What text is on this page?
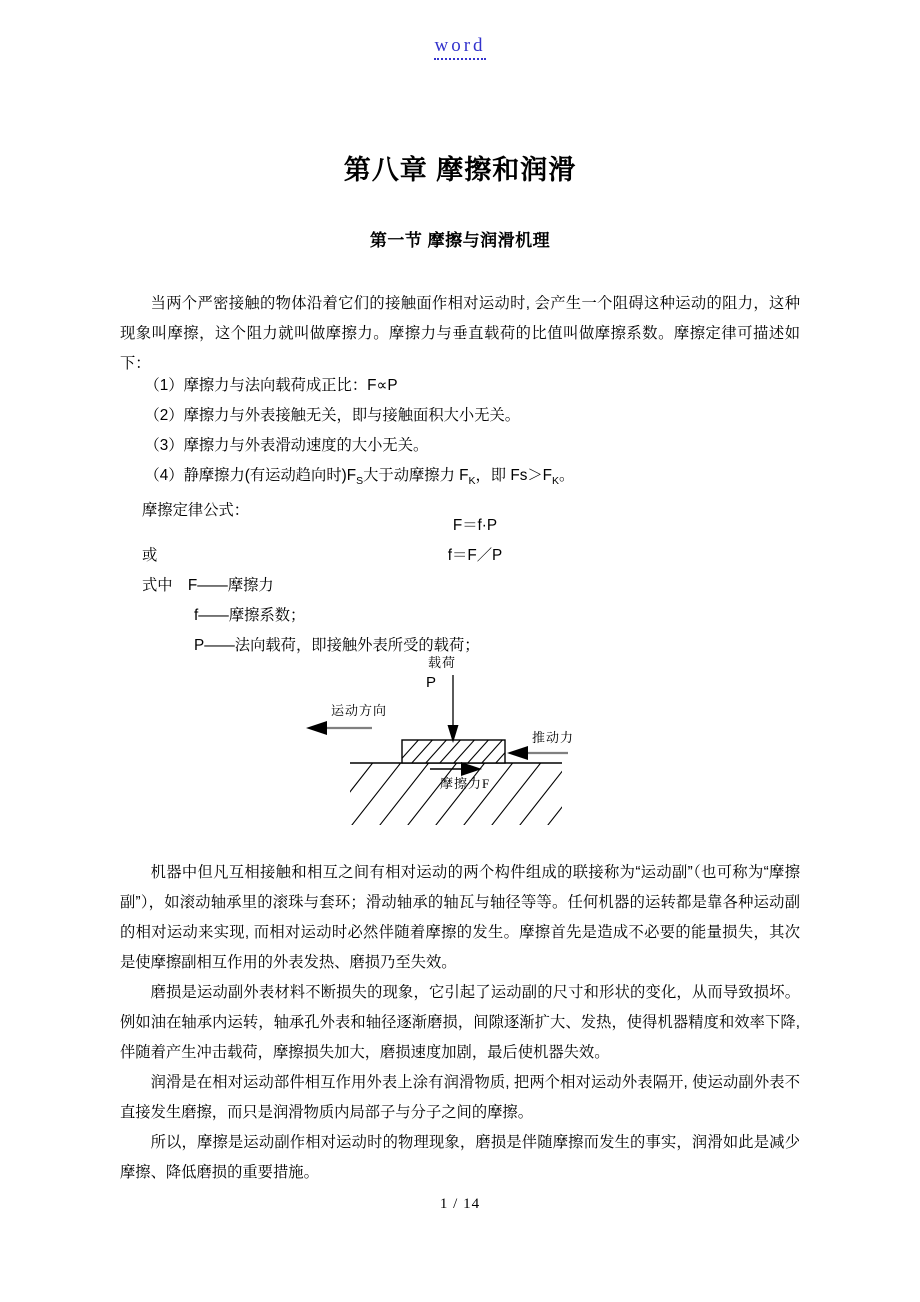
word
第八章 摩擦和润滑
第一节 摩擦与润滑机理
当两个严密接触的物体沿着它们的接触面作相对运动时, 会产生一个阻碍这种运动的阻力，这种现象叫摩擦，这个阻力就叫做摩擦力。摩擦力与垂直载荷的比值叫做摩擦系数。摩擦定律可描述如下：
（1）摩擦力与法向载荷成正比：F∝P
（2）摩擦力与外表接触无关，即与接触面积大小无关。
（3）摩擦力与外表滑动速度的大小无关。
（4）静摩擦力(有运动趋向时)$F_S$大于动摩擦力 $F_K$，即 $Fs>F_K$。
摩擦定律公式：
F＝f·P
或	f＝F／P
式中　F——摩擦力
f——摩擦系数；
P——法向载荷，即接触外表所受的载荷；
载荷
P
运动方向
推动力
摩擦力F
机器中但凡互相接触和相互之间有相对运动的两个构件组成的联接称为“运动副”（也可称为“摩擦副”），如滚动轴承里的滚珠与套环；滑动轴承的轴瓦与轴径等等。任何机器的运转都是靠各种运动副的相对运动来实现, 而相对运动时必然伴随着摩擦的发生。摩擦首先是造成不必要的能量损失，其次是使摩擦副相互作用的外表发热、磨损乃至失效。
磨损是运动副外表材料不断损失的现象，它引起了运动副的尺寸和形状的变化，从而导致损坏。例如油在轴承内运转，轴承孔外表和轴径逐渐磨损，间隙逐渐扩大、发热，使得机器精度和效率下降, 伴随着产生冲击载荷，摩擦损失加大，磨损速度加剧，最后使机器失效。
润滑是在相对运动部件相互作用外表上涂有润滑物质, 把两个相对运动外表隔开, 使运动副外表不直接发生磨擦，而只是润滑物质内局部子与分子之间的摩擦。
所以，摩擦是运动副作相对运动时的物理现象，磨损是伴随摩擦而发生的事实，润滑如此是减少摩擦、降低磨损的重要措施。
1 / 14
